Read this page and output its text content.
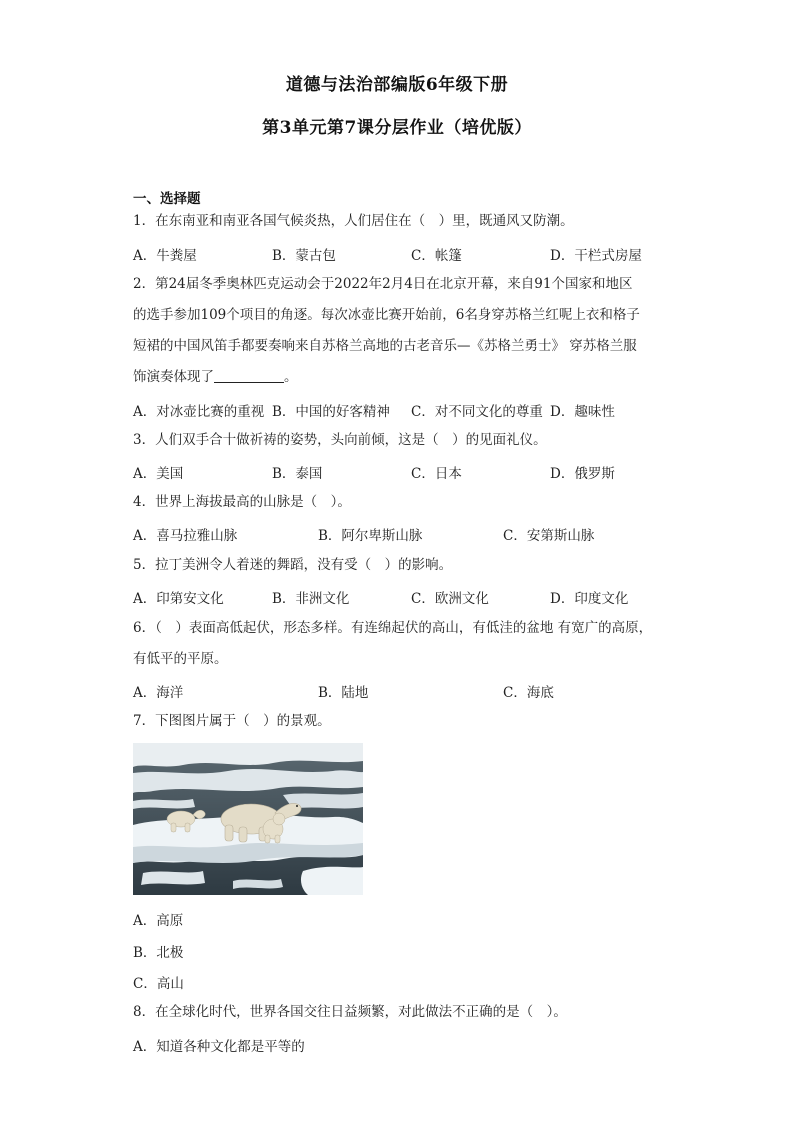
道德与法治部编版6年级下册
第3单元第7课分层作业（培优版）
一、选择题
1．在东南亚和南亚各国气候炎热，人们居住在（　）里，既通风又防潮。
A．牛粪屋	B．蒙古包	C．帐篷	D．干栏式房屋
2．第24届冬季奥林匹克运动会于2022年2月4日在北京开幕，来自91个国家和地区
的选手参加109个项目的角逐。每次冰壶比赛开始前，6名身穿苏格兰红呢上衣和格子
短裙的中国风笛手都要奏响来自苏格兰高地的古老音乐—《苏格兰勇士》 穿苏格兰服
饰演奏体现了	。
A．对冰壶比赛的重视 B．中国的好客精神 C．对不同文化的尊重 D．趣味性
3．人们双手合十做祈祷的姿势，头向前倾，这是（　）的见面礼仪。
A．美国	B．泰国	C．日本	D．俄罗斯
4．世界上海拔最高的山脉是（　）。
A．喜马拉雅山脉	B．阿尔卑斯山脉	C．安第斯山脉
5．拉丁美洲令人着迷的舞蹈，没有受（　）的影响。
A．印第安文化	B．非洲文化	C．欧洲文化	D．印度文化
6．（　）表面高低起伏，形态多样。有连绵起伏的高山，有低洼的盆地 有宽广的高原，
有低平的平原。
A．海洋	B．陆地	C．海底
7．下图图片属于（　）的景观。
A．高原
B．北极
C．高山
8．在全球化时代，世界各国交往日益频繁，对此做法不正确的是（　）。
A．知道各种文化都是平等的
